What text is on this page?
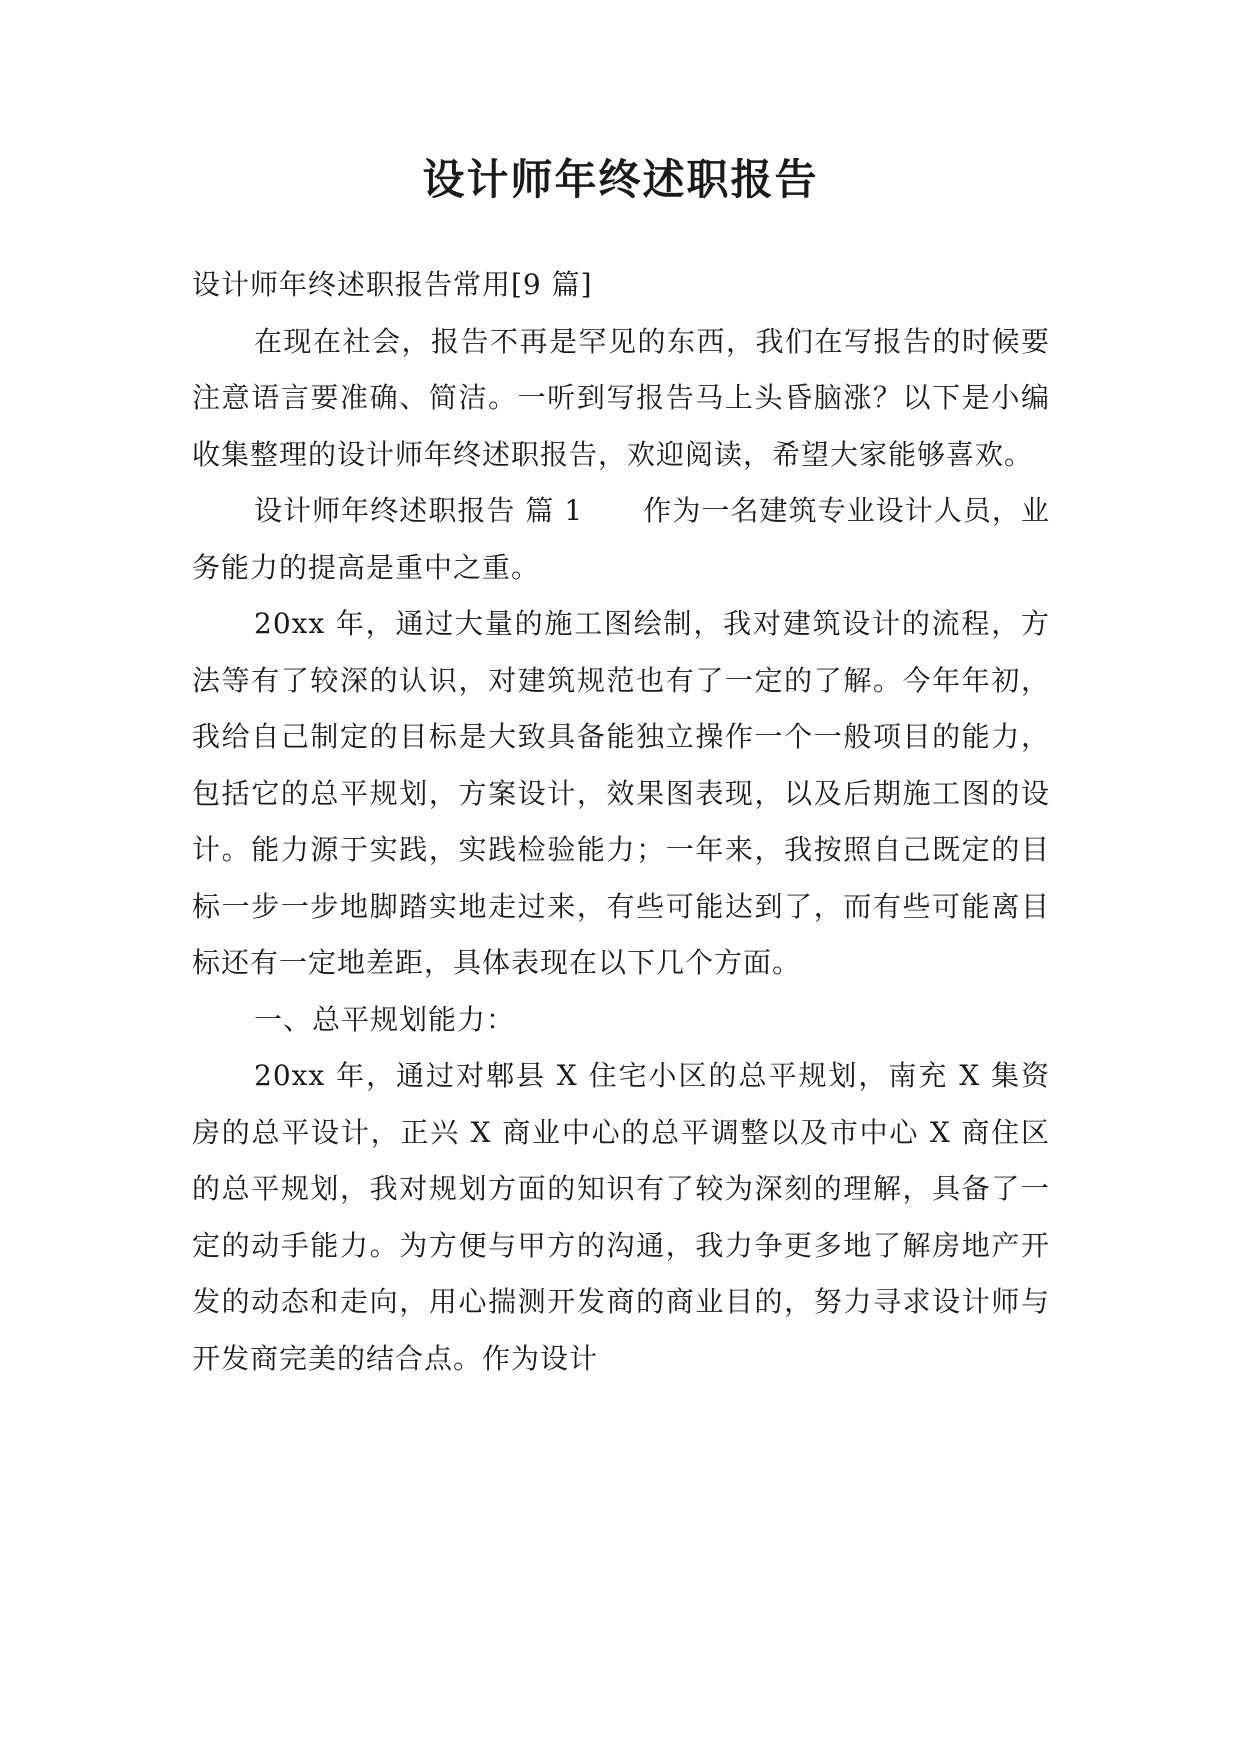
设计师年终述职报告

设计师年终述职报告常用[9 篇]

在现在社会，报告不再是罕见的东西，我们在写报告的时候要注意语言要准确、简洁。一听到写报告马上头昏脑涨？以下是小编收集整理的设计师年终述职报告，欢迎阅读，希望大家能够喜欢。

设计师年终述职报告 篇 1 作为一名建筑专业设计人员，业务能力的提高是重中之重。

20xx 年，通过大量的施工图绘制，我对建筑设计的流程，方法等有了较深的认识，对建筑规范也有了一定的了解。今年年初，我给自己制定的目标是大致具备能独立操作一个一般项目的能力，包括它的总平规划，方案设计，效果图表现，以及后期施工图的设计。能力源于实践，实践检验能力；一年来，我按照自己既定的目标一步一步地脚踏实地走过来，有些可能达到了，而有些可能离目标还有一定地差距，具体表现在以下几个方面。

一、总平规划能力：

20xx 年，通过对郫县 X 住宅小区的总平规划，南充 X 集资房的总平设计，正兴 X 商业中心的总平调整以及市中心 X 商住区的总平规划，我对规划方面的知识有了较为深刻的理解，具备了一定的动手能力。为方便与甲方的沟通，我力争更多地了解房地产开发的动态和走向，用心揣测开发商的商业目的，努力寻求设计师与开发商完美的结合点。作为设计
